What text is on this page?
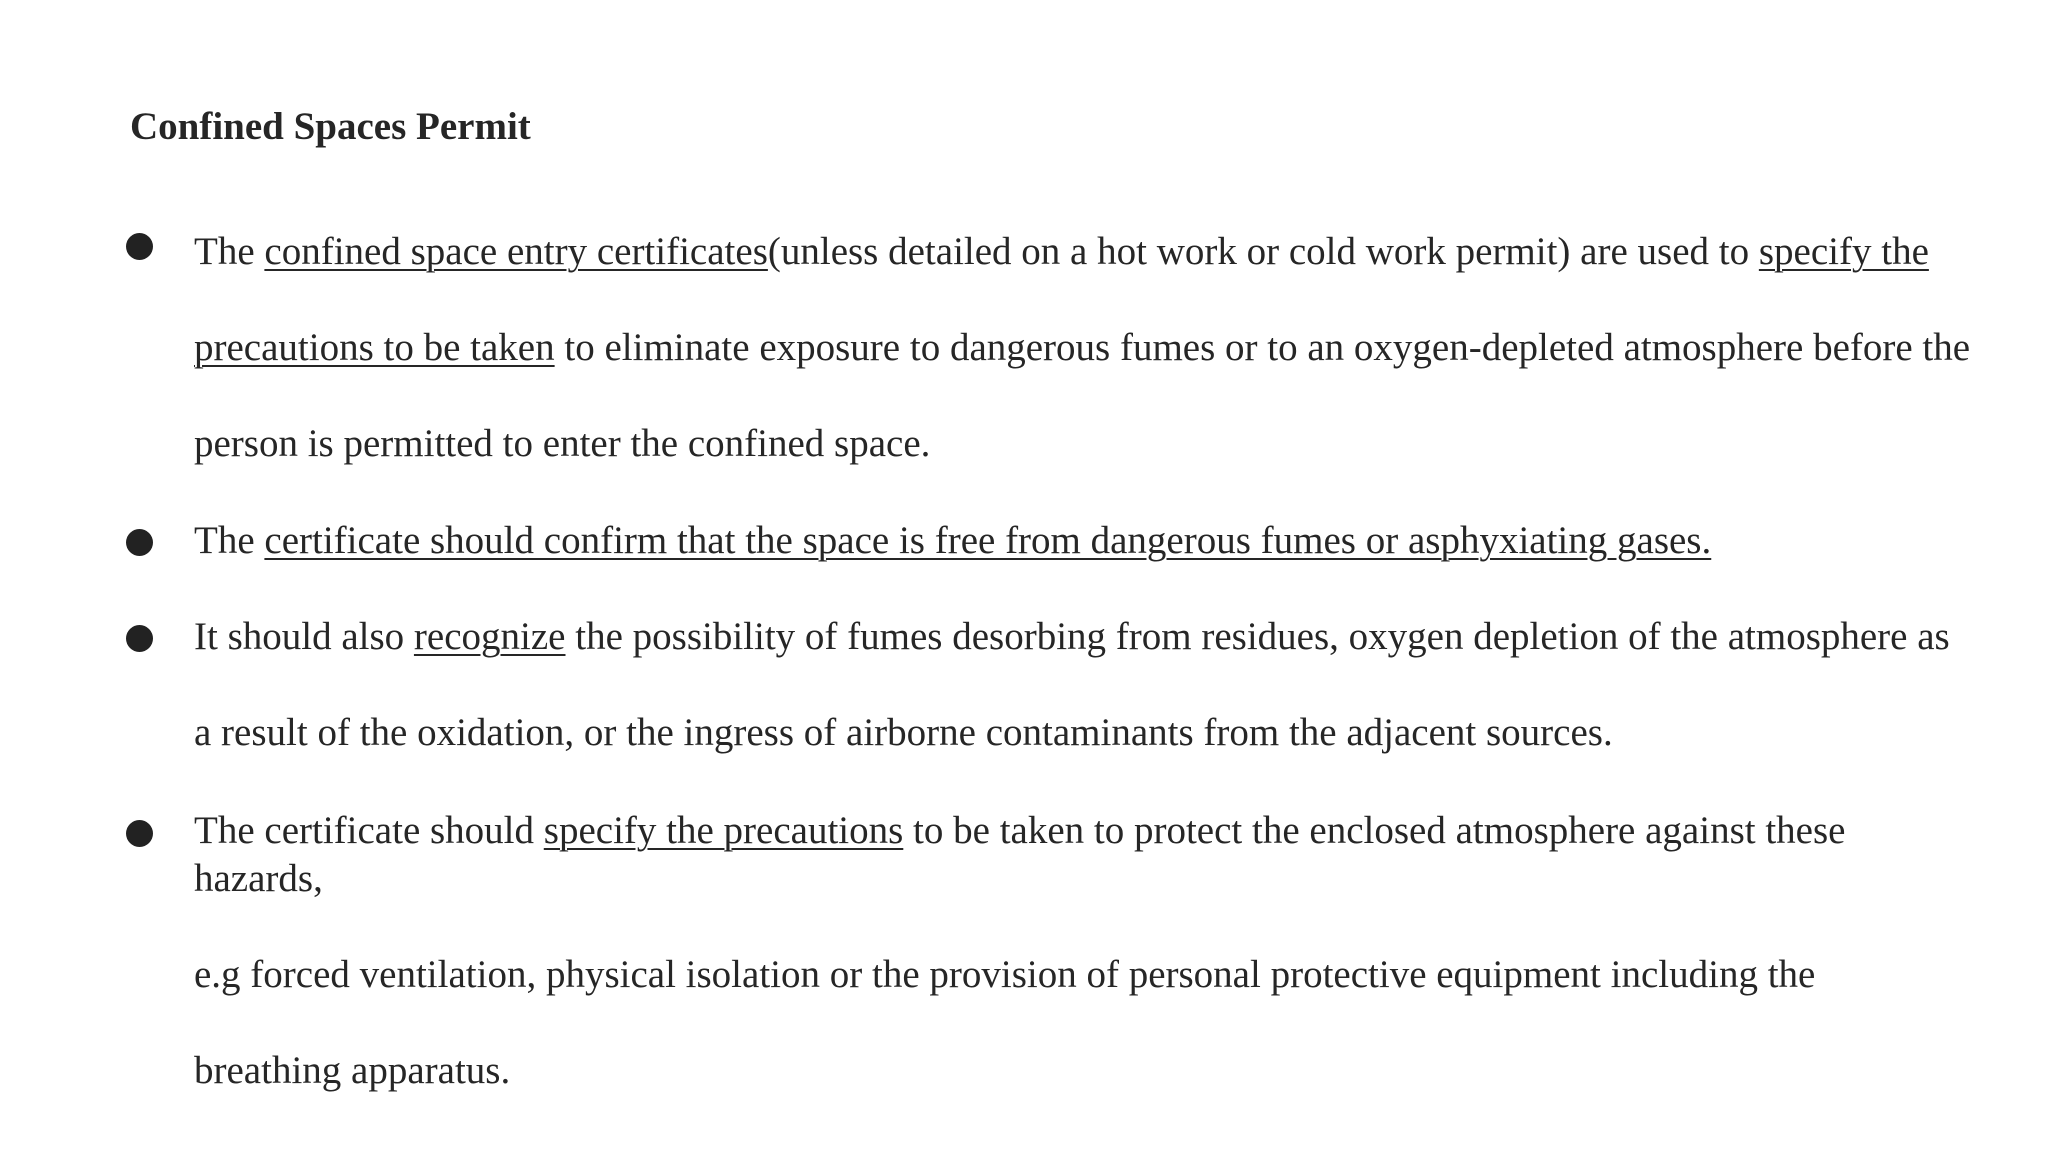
Confined Spaces Permit

The confined space entry certificates(unless detailed on a hot work or cold work permit) are used to specify the

precautions to be taken to eliminate exposure to dangerous fumes or to an oxygen-depleted atmosphere before the

person is permitted to enter the confined space.

The certificate should confirm that the space is free from dangerous fumes or asphyxiating gases.

It should also recognize the possibility of fumes desorbing from residues, oxygen depletion of the atmosphere as

a result of the oxidation, or the ingress of airborne contaminants from the adjacent sources.

The certificate should specify the precautions to be taken to protect the enclosed atmosphere against these

hazards,

e.g forced ventilation, physical isolation or the provision of personal protective equipment including the

breathing apparatus.
